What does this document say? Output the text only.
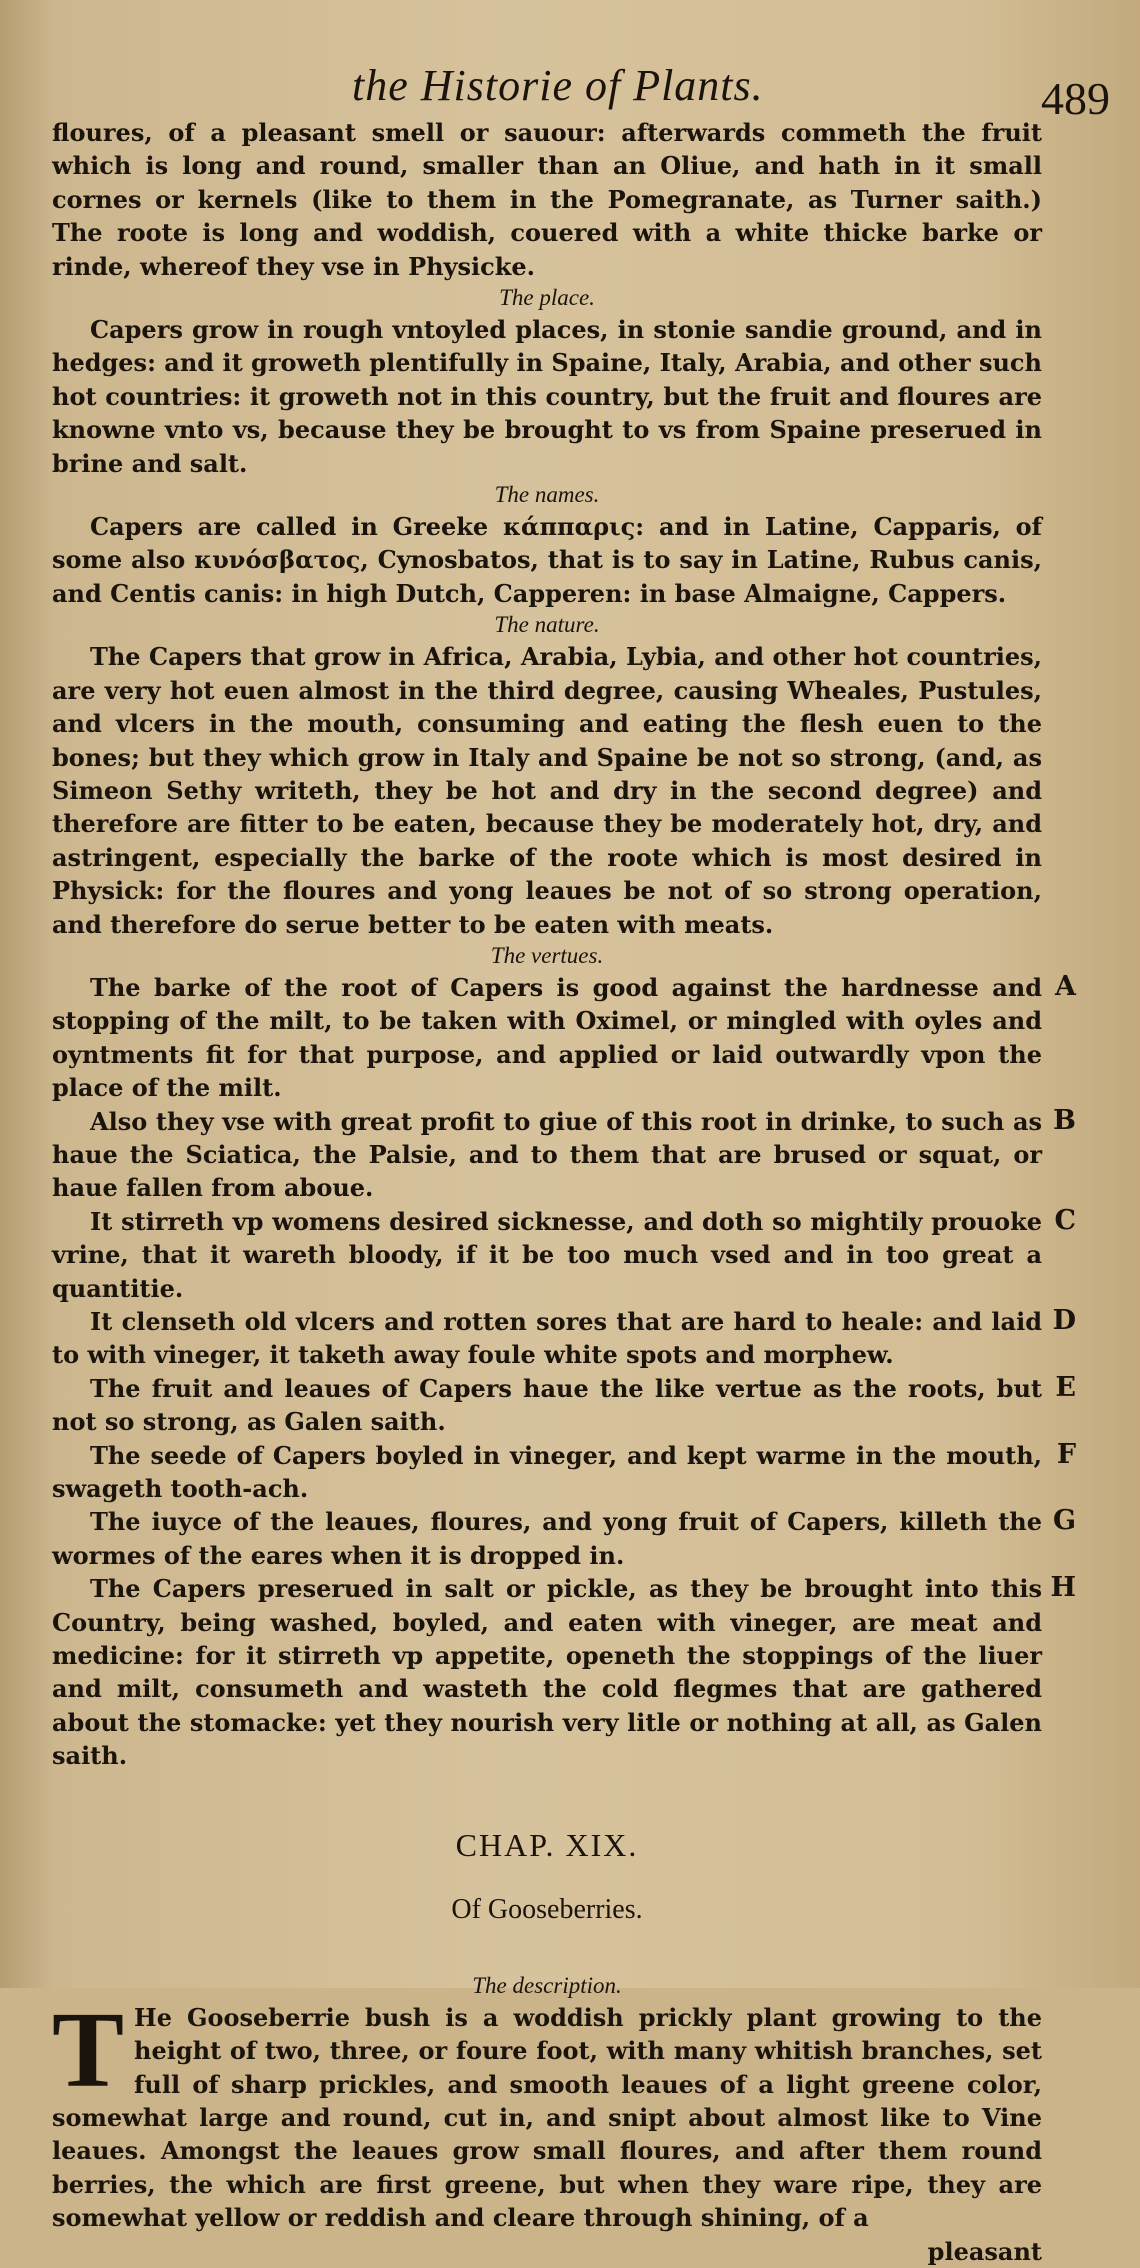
the Historie of Plants.	489

floures, of a pleasant smell or sauour: afterwards commeth the fruit which is long and round, smaller than an Oliue, and hath in it small cornes or kernels (like to them in the Pomegranate, as Turner saith.) The roote is long and woddish, couered with a white thicke barke or rinde, whereof they vse in Physicke.

The place.

Capers grow in rough vntoyled places, in stonie sandie ground, and in hedges: and it groweth plentifully in Spaine, Italy, Arabia, and other such hot countries: it groweth not in this country, but the fruit and floures are knowne vnto vs, because they be brought to vs from Spaine preserued in brine and salt.

The names.

Capers are called in Greeke κάππαρις: and in Latine, Capparis, of some also κυνόσβατος, Cynosbatos, that is to say in Latine, Rubus canis, and Centis canis: in high Dutch, Capperen: in base Almaigne, Cappers.

The nature.

The Capers that grow in Africa, Arabia, Lybia, and other hot countries, are very hot euen almost in the third degree, causing Wheales, Pustules, and vlcers in the mouth, consuming and eating the flesh euen to the bones; but they which grow in Italy and Spaine be not so strong, (and, as Simeon Sethy writeth, they be hot and dry in the second degree) and therefore are fitter to be eaten, because they be moderately hot, dry, and astringent, especially the barke of the roote which is most desired in Physick: for the floures and yong leaues be not of so strong operation, and therefore do serue better to be eaten with meats.

The vertues.

A

The barke of the root of Capers is good against the hardnesse and stopping of the milt, to be taken with Oximel, or mingled with oyles and oyntments fit for that purpose, and applied or laid outwardly vpon the place of the milt.

B

Also they vse with great profit to giue of this root in drinke, to such as haue the Sciatica, the Palsie, and to them that are brused or squat, or haue fallen from aboue.

C

It stirreth vp womens desired sicknesse, and doth so mightily prouoke vrine, that it wareth bloody, if it be too much vsed and in too great a quantitie.

D

It clenseth old vlcers and rotten sores that are hard to heale: and laid to with vineger, it taketh away foule white spots and morphew.

E

The fruit and leaues of Capers haue the like vertue as the roots, but not so strong, as Galen saith.

F

The seede of Capers boyled in vineger, and kept warme in the mouth, swageth tooth-ach.

G

The iuyce of the leaues, floures, and yong fruit of Capers, killeth the wormes of the eares when it is dropped in.

H

The Capers preserued in salt or pickle, as they be brought into this Country, being washed, boyled, and eaten with vineger, are meat and medicine: for it stirreth vp appetite, openeth the stoppings of the liuer and milt, consumeth and wasteth the cold flegmes that are gathered about the stomacke: yet they nourish very litle or nothing at all, as Galen saith.

CHAP. XIX.

Of Gooseberries.

The description.

T He Gooseberrie bush is a woddish prickly plant growing to the height of two, three, or foure foot, with many whitish branches, set full of sharp prickles, and smooth leaues of a light greene color, somewhat large and round, cut in, and snipt about almost like to Vine leaues. Amongst the leaues grow small floures, and after them round berries, the which are first greene, but when they ware ripe, they are somewhat yellow or reddish and cleare through shining, of a

pleasant
